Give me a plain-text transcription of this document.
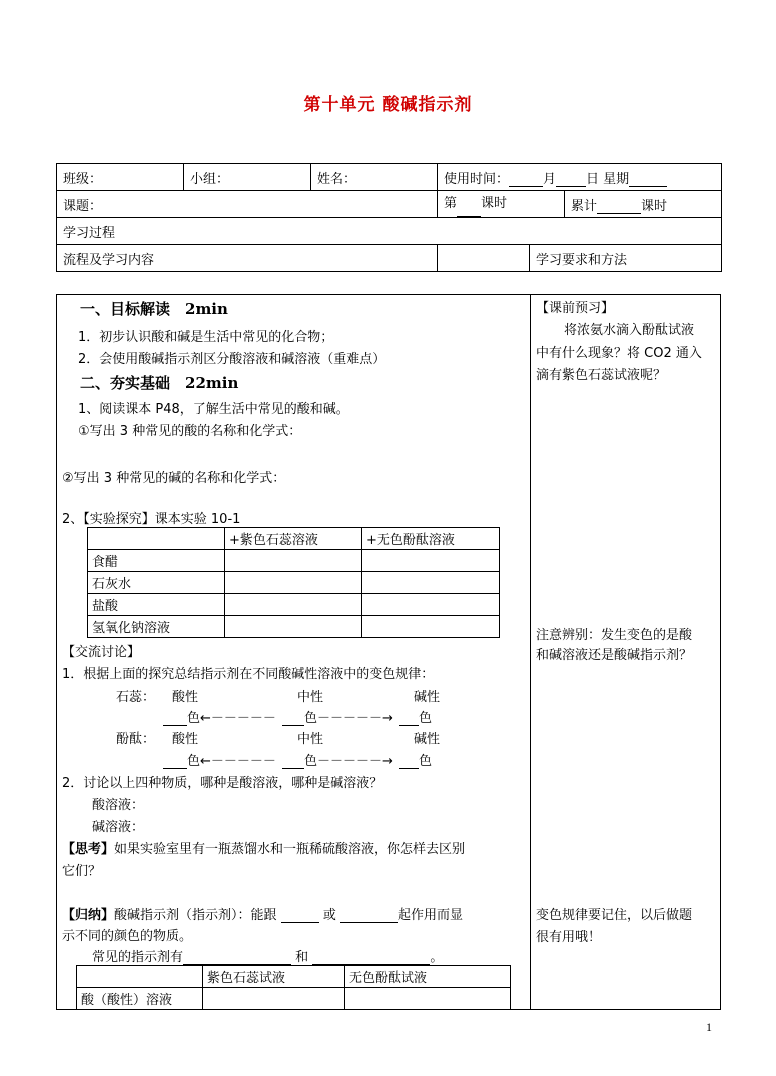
第十单元 酸碱指示剂
班级：	小组：	姓名：	使用时间： 月 日 星期
课题：			第 课时 累计 课时

学习过程			
流程及学习内容			学习要求和方法
一、目标解读　2min
1．初步认识酸和碱是生活中常见的化合物；
2．会使用酸碱指示剂区分酸溶液和碱溶液（重难点）
二、夯实基础　22min
1、阅读课本 P48，了解生活中常见的酸和碱。
①写出 3 种常见的酸的名称和化学式：
②写出 3 种常见的碱的名称和化学式：
2、【实验探究】课本实验 10-1
	+紫色石蕊溶液	+无色酚酞溶液
食醋		
石灰水		
盐酸		
氢氧化钠溶液		
【交流讨论】
1．根据上面的探究总结指示剂在不同酸碱性溶液中的变色规律：
石蕊： 酸性	中性	碱性
色←－－－－－	色－－－－－→	色
酚酞： 酸性	中性	碱性
色←－－－－－	色－－－－－→	色
2．讨论以上四种物质，哪种是酸溶液，哪种是碱溶液？
酸溶液：
碱溶液：
【思考】如果实验室里有一瓶蒸馏水和一瓶稀硫酸溶液，你怎样去区别
它们？
【归纳】酸碱指示剂（指示剂）：能跟	或	起作用而显
示不同的颜色的物质。
常见的指示剂有	和	。
	紫色石蕊试液	无色酚酞试液
酸（酸性）溶液		
【课前预习】
将浓氨水滴入酚酞试液
中有什么现象？将 CO2 通入
滴有紫色石蕊试液呢？
注意辨别：发生变色的是酸
和碱溶液还是酸碱指示剂？
变色规律要记住，以后做题
很有用哦！
1
